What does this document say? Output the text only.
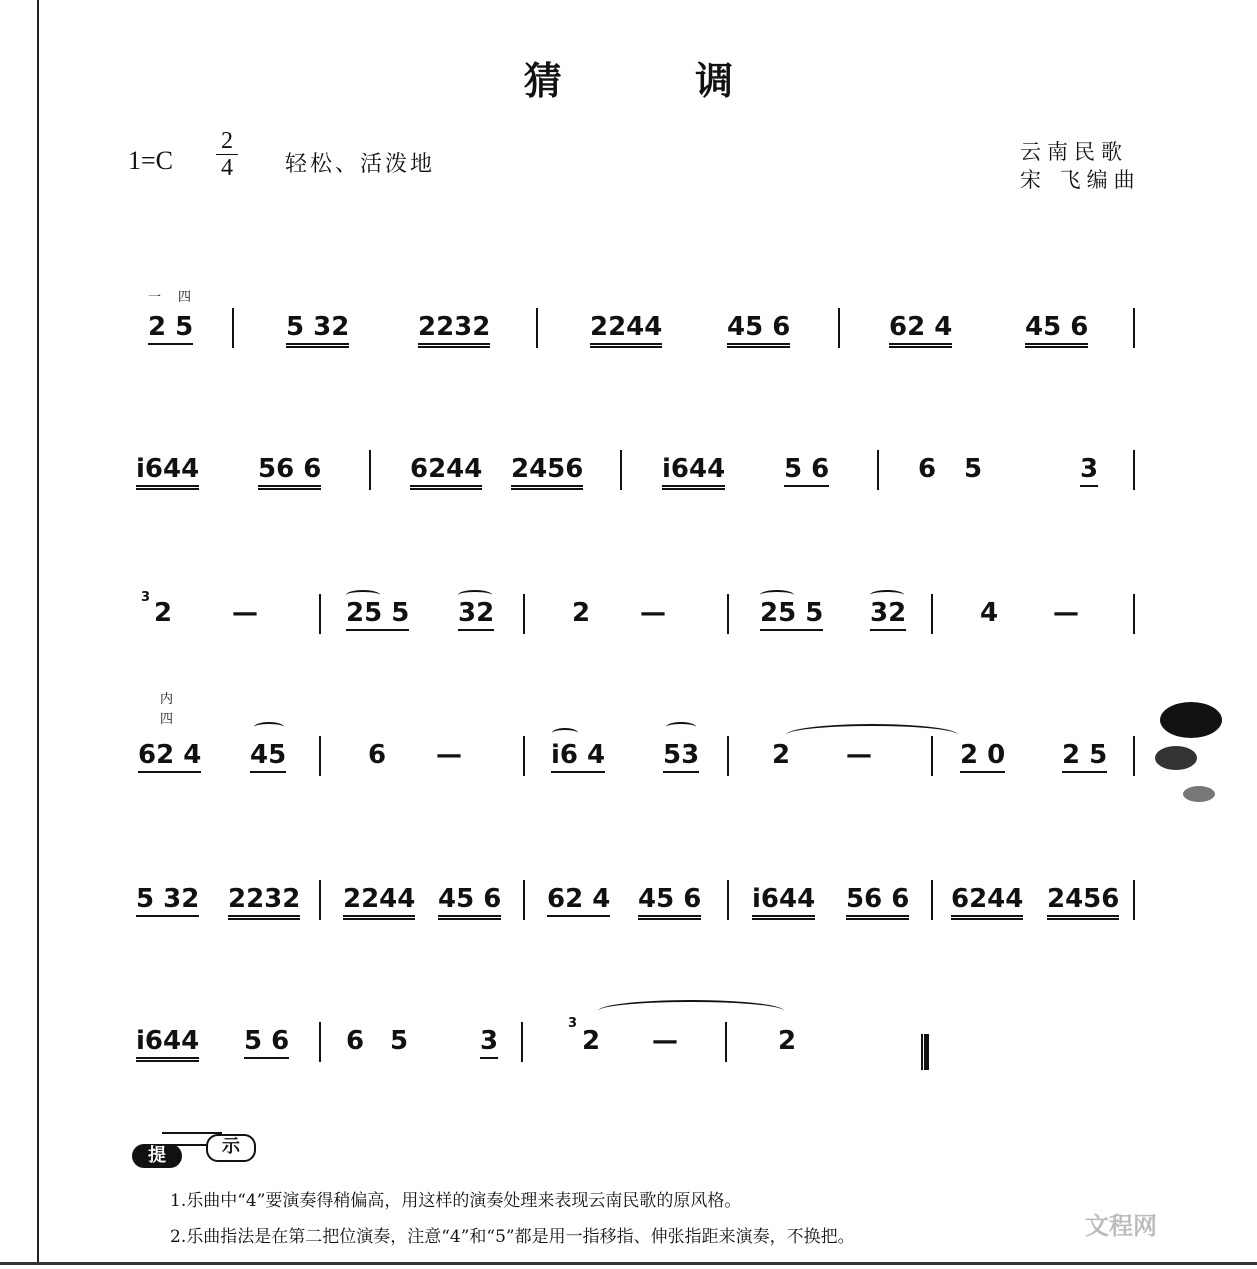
猜 调
$1=C \frac{2}{4}$ 轻松、活泼地	云南民歌
宋 飞编曲
一 四
2 5	5 32	2232	2244 45 6	62 4	45 6
i644 56 6	6244 2456	i644 5 6	6 5	3
3
2 —	25 5 32	2 —	25 5 32	4 —
内
四
62 4 45	6 —	i6 4 53	2 —	2 0 2 5
5 32 2232 2244 45 6 62 4 45 6 i644 56 6 6244 2456
i644 5 6 6 5	3
3
2 —	2
提	示
1.乐曲中“4”要演奏得稍偏高，用这样的演奏处理来表现云南民歌的原风格。
2.乐曲指法是在第二把位演奏，注意“4”和“5”都是用一指移指、伸张指距来演奏，不换把。	文程网
